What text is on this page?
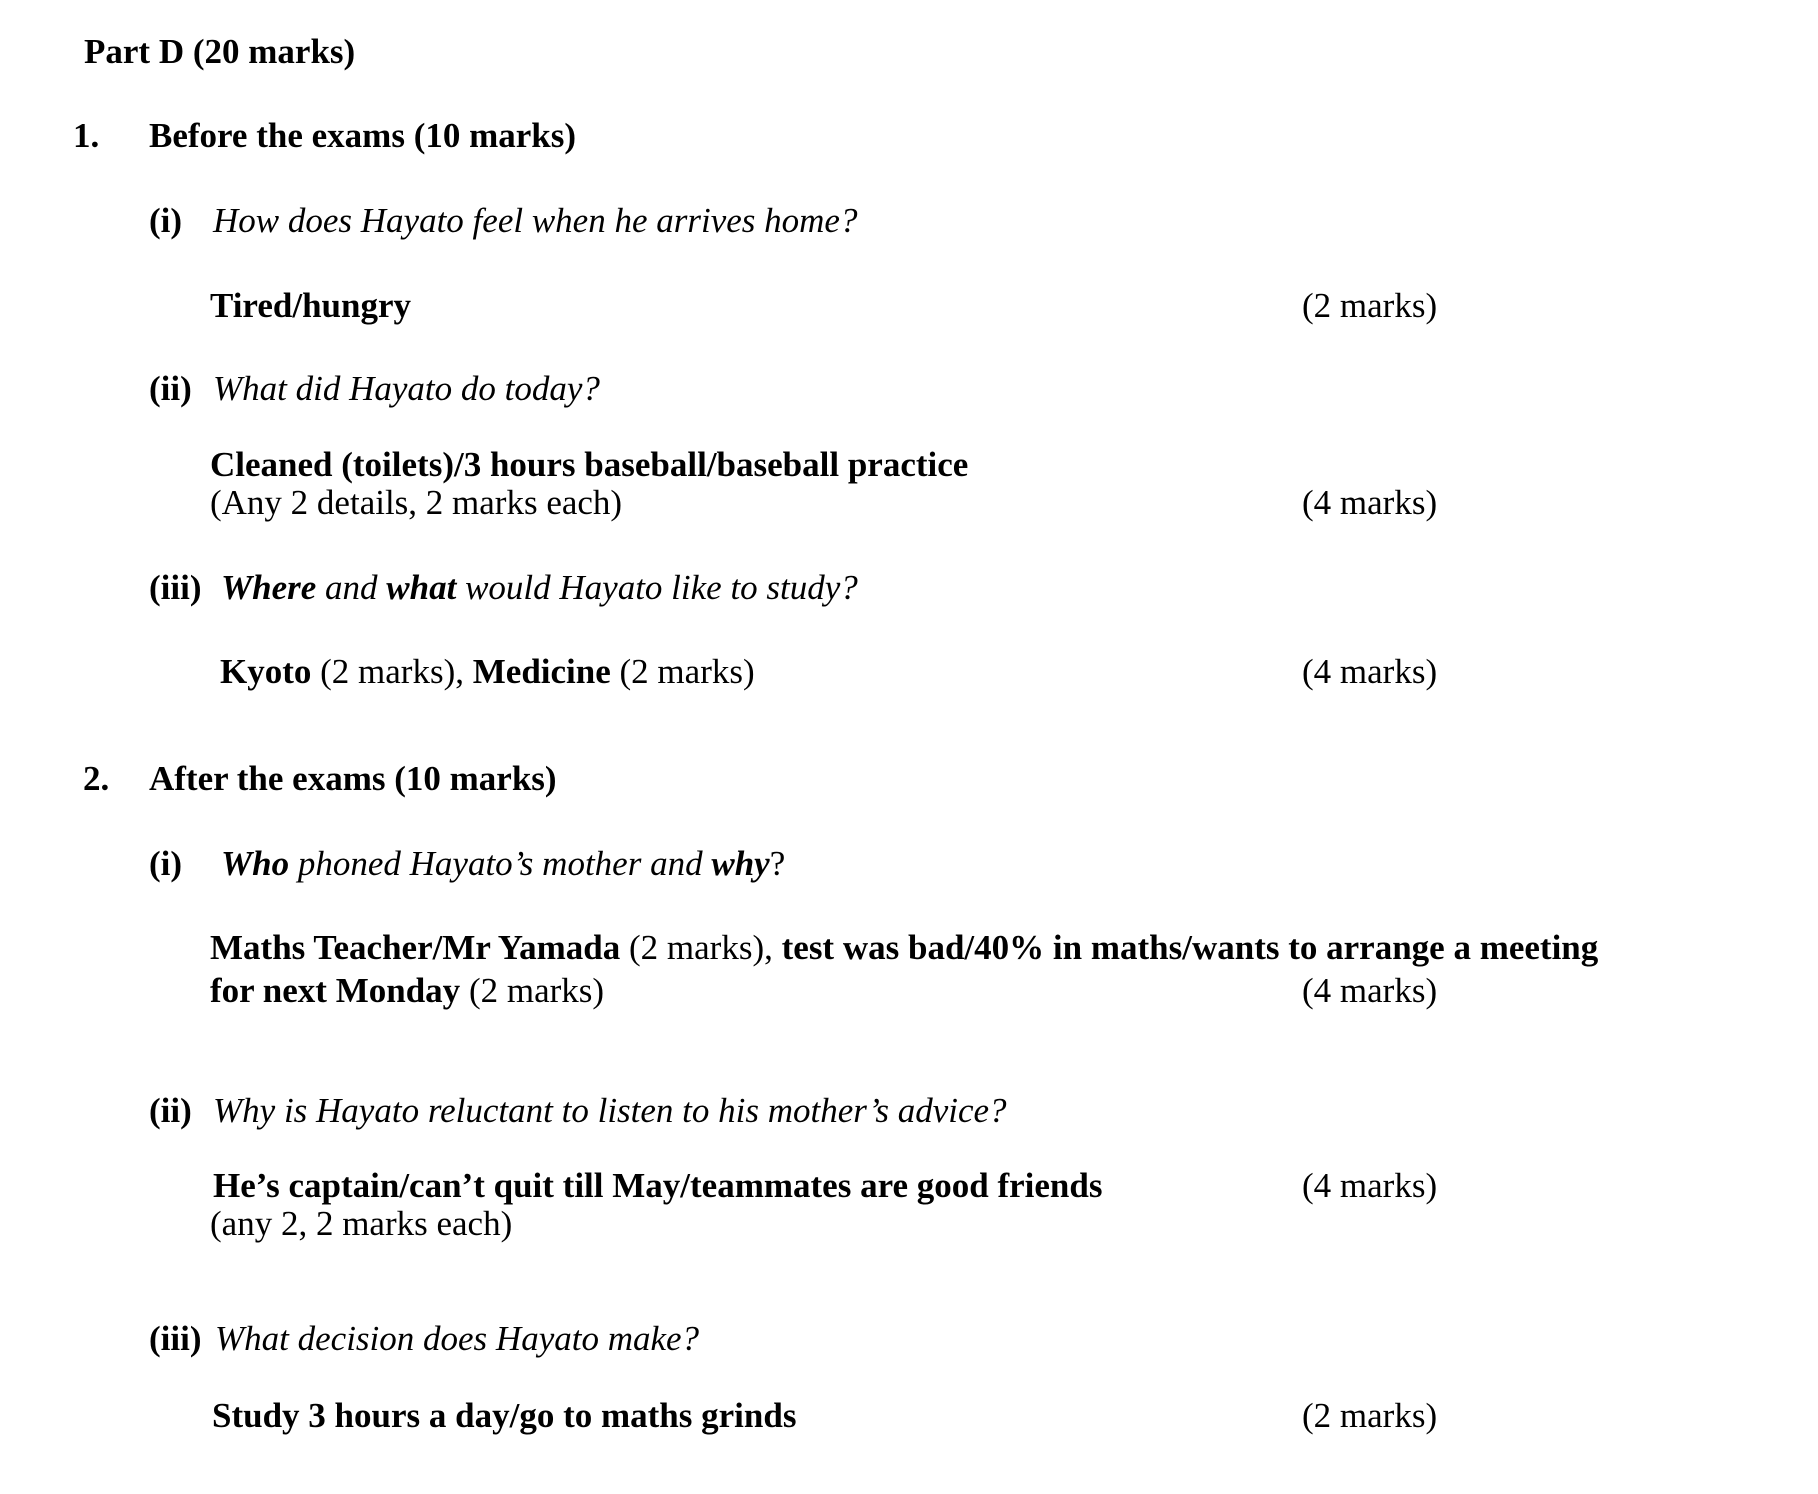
Part D (20 marks)
1. Before the exams (10 marks)
(i) How does Hayato feel when he arrives home?
Tired/hungry	(2 marks)
(ii) What did Hayato do today?
Cleaned (toilets)/3 hours baseball/baseball practice
(Any 2 details, 2 marks each)	(4 marks)
(iii) Where and what would Hayato like to study?
Kyoto (2 marks), Medicine (2 marks)	(4 marks)
2. After the exams (10 marks)
(i) Who phoned Hayato’s mother and why?
Maths Teacher/Mr Yamada (2 marks), test was bad/40% in maths/wants to arrange a meeting
for next Monday (2 marks)	(4 marks)
(ii) Why is Hayato reluctant to listen to his mother’s advice?
He’s captain/can’t quit till May/teammates are good friends	(4 marks)
(any 2, 2 marks each)
(iii) What decision does Hayato make?
Study 3 hours a day/go to maths grinds	(2 marks)
